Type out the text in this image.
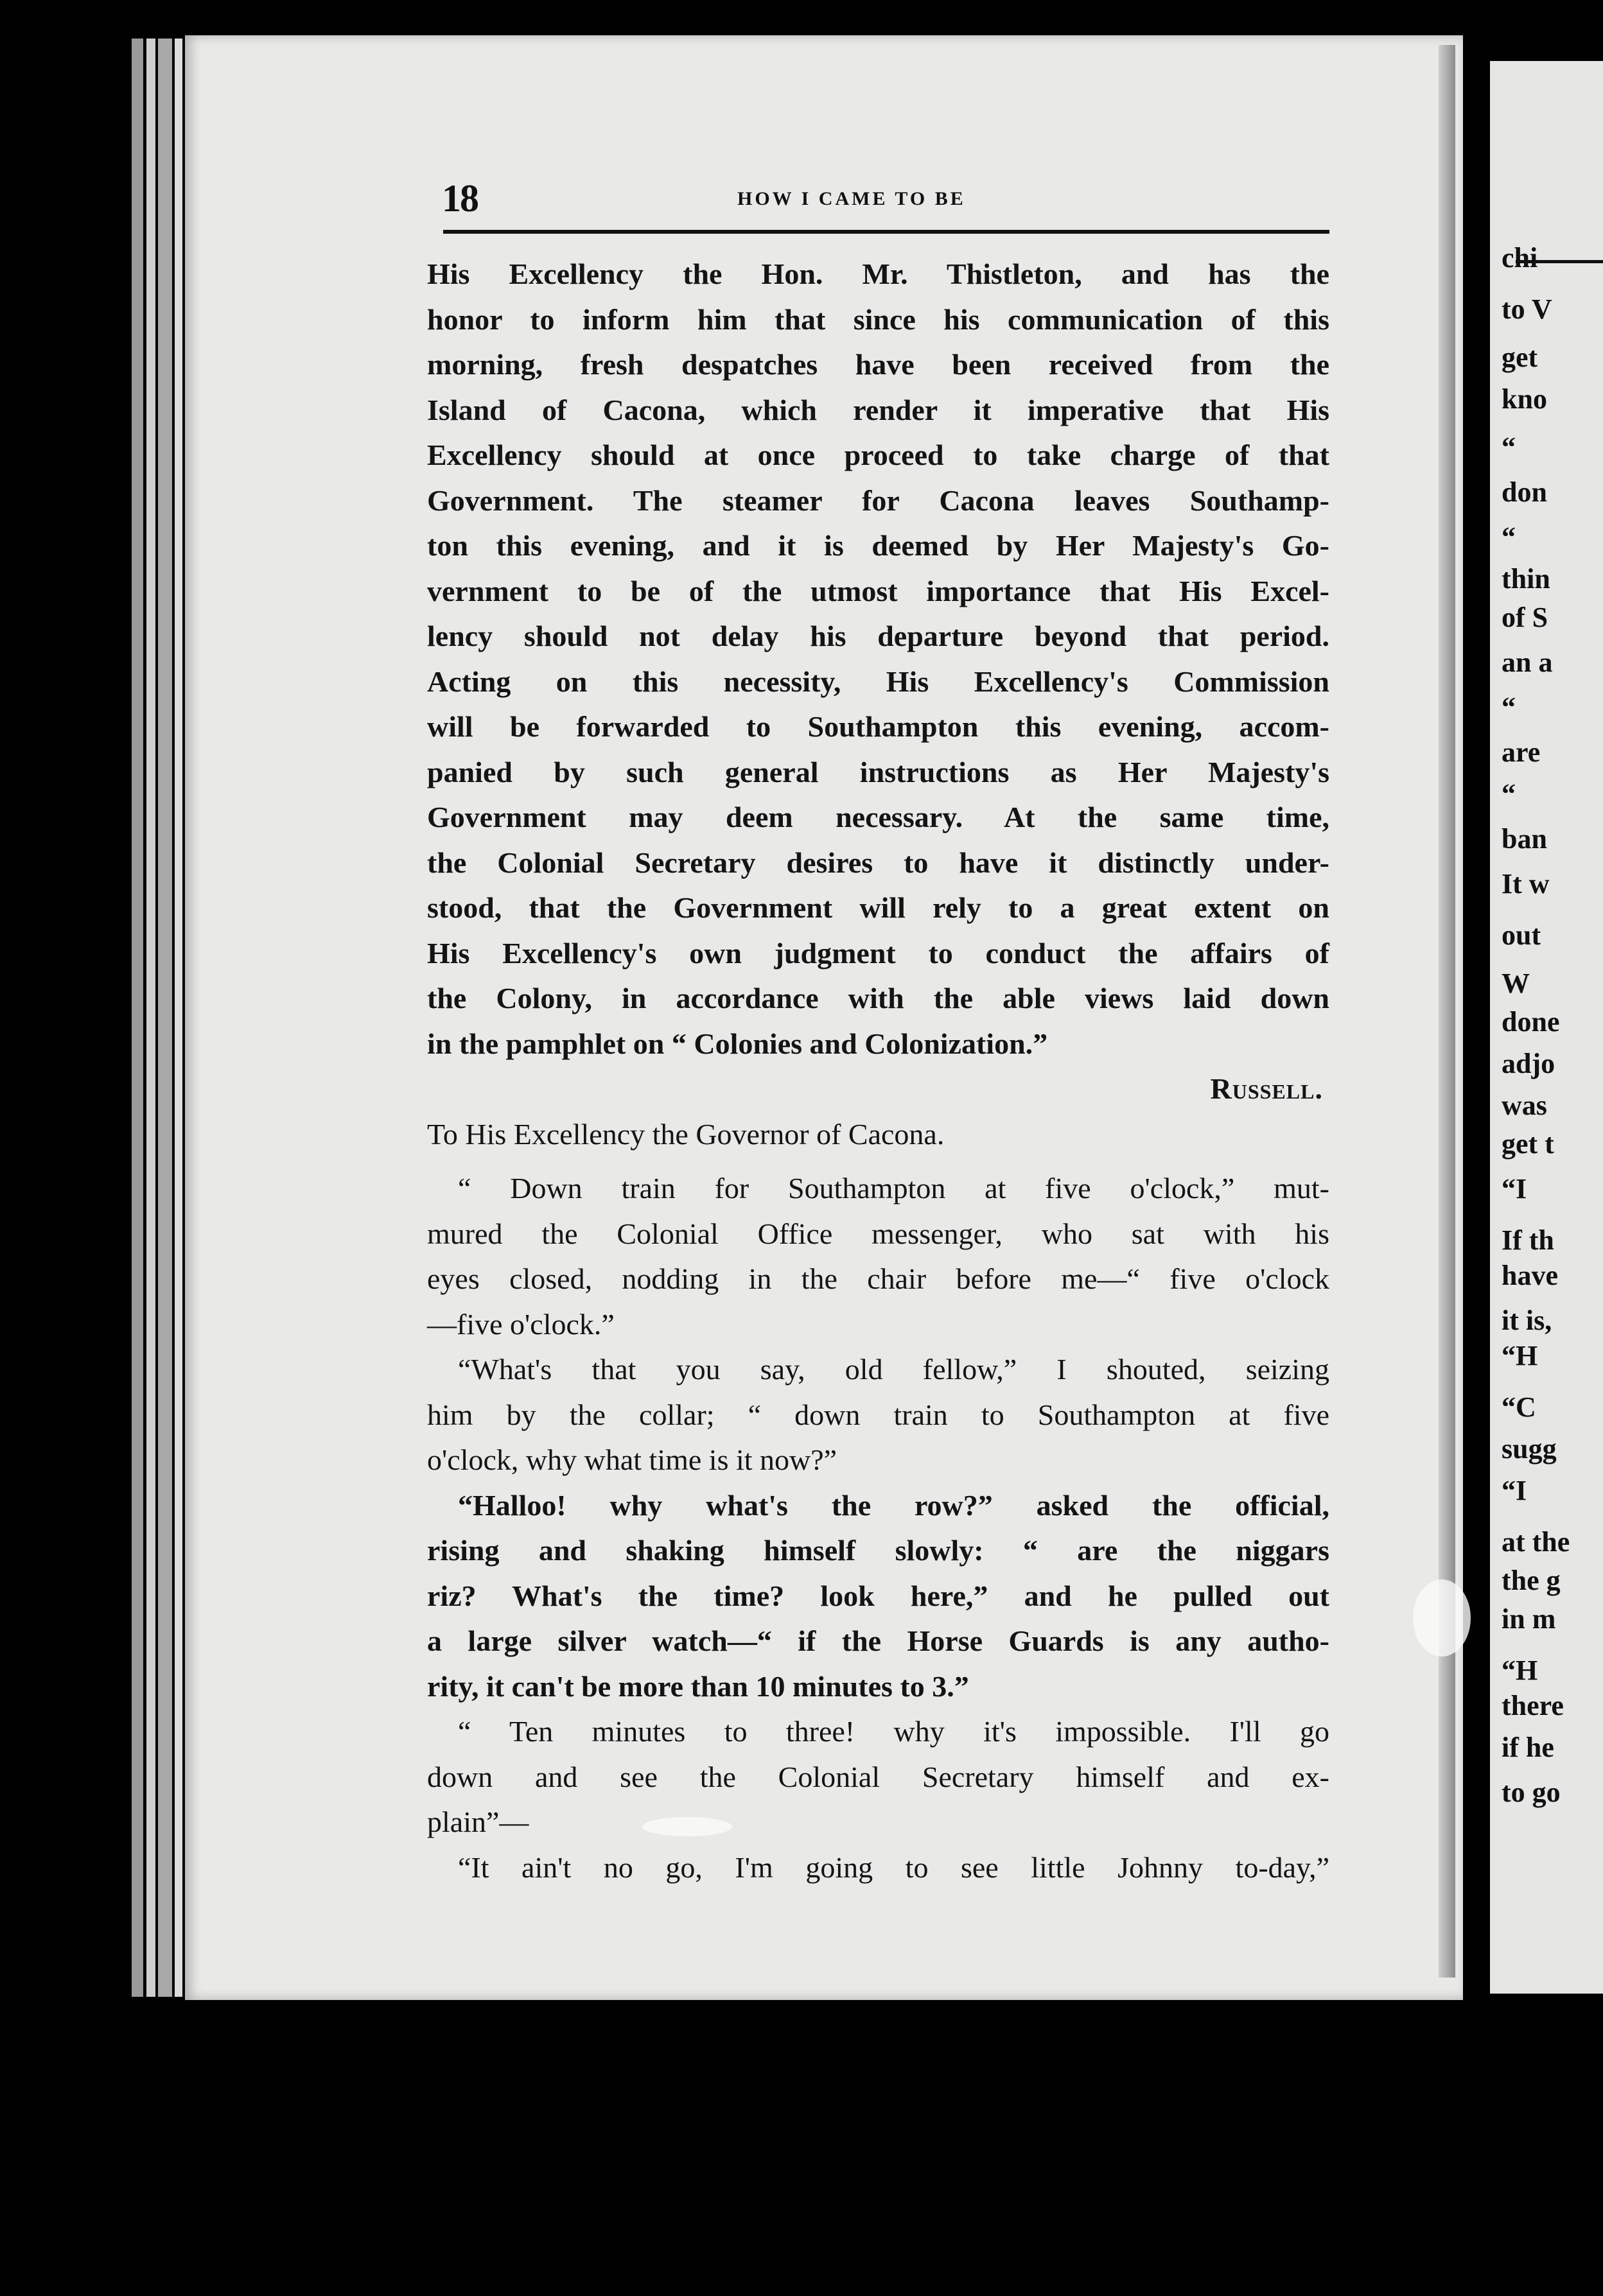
chi
to V
get
kno
“
don
“
thin
of S
an a
“
are
“
ban
It w
out
W
done
adjo
was
get t
“I
If th
have
it is,
“H
“C
sugg
“I
at the
the g
in m
“H
there
if he
to go
18	HOW I CAME TO BE
His Excellency the Hon. Mr. Thistleton, and has the
honor to inform him that since his communication of this
morning, fresh despatches have been received from the
Island of Cacona, which render it imperative that His
Excellency should at once proceed to take charge of that
Government. The steamer for Cacona leaves Southamp-
ton this evening, and it is deemed by Her Majesty's Go-
vernment to be of the utmost importance that His Excel-
lency should not delay his departure beyond that period.
Acting on this necessity, His Excellency's Commission
will be forwarded to Southampton this evening, accom-
panied by such general instructions as Her Majesty's
Government may deem necessary. At the same time,
the Colonial Secretary desires to have it distinctly under-
stood, that the Government will rely to a great extent on
His Excellency's own judgment to conduct the affairs of
the Colony, in accordance with the able views laid down
in the pamphlet on “ Colonies and Colonization.”
Russell.
To His Excellency the Governor of Cacona.
“ Down train for Southampton at five o'clock,” mut-
mured the Colonial Office messenger, who sat with his
eyes closed, nodding in the chair before me—“ five o'clock
—five o'clock.”
“What's that you say, old fellow,” I shouted, seizing
him by the collar; “ down train to Southampton at five
o'clock, why what time is it now?”
“Halloo! why what's the row?” asked the official,
rising and shaking himself slowly: “ are the niggars
riz? What's the time? look here,” and he pulled out
a large silver watch—“ if the Horse Guards is any autho-
rity, it can't be more than 10 minutes to 3.”
“ Ten minutes to three! why it's impossible. I'll go
down and see the Colonial Secretary himself and ex-
plain”—
“It ain't no go, I'm going to see little Johnny to-day,”
